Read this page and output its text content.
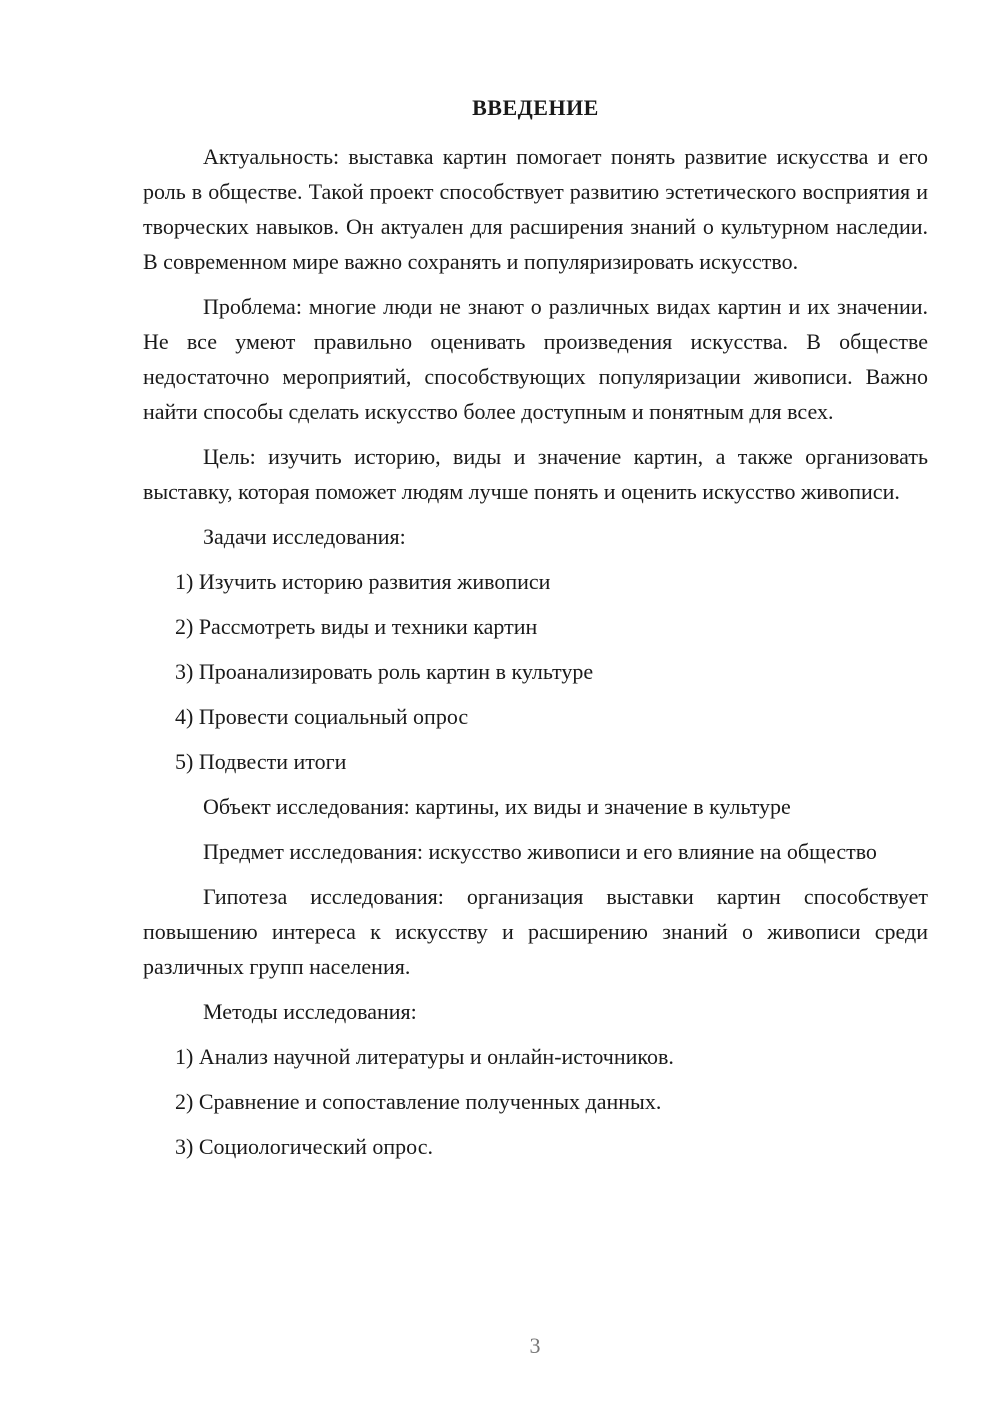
ВВЕДЕНИЕ

Актуальность: выставка картин помогает понять развитие искусства и его роль в обществе. Такой проект способствует развитию эстетического восприятия и творческих навыков. Он актуален для расширения знаний о культурном наследии. В современном мире важно сохранять и популяризировать искусство.

Проблема: многие люди не знают о различных видах картин и их значении. Не все умеют правильно оценивать произведения искусства. В обществе недостаточно мероприятий, способствующих популяризации живописи. Важно найти способы сделать искусство более доступным и понятным для всех.

Цель: изучить историю, виды и значение картин, а также организовать выставку, которая поможет людям лучше понять и оценить искусство живописи.

Задачи исследования:

1) Изучить историю развития живописи

2) Рассмотреть виды и техники картин

3) Проанализировать роль картин в культуре

4) Провести социальный опрос

5) Подвести итоги

Объект исследования: картины, их виды и значение в культуре

Предмет исследования: искусство живописи и его влияние на общество

Гипотеза исследования: организация выставки картин способствует повышению интереса к искусству и расширению знаний о живописи среди различных групп населения.

Методы исследования:

1) Анализ научной литературы и онлайн-источников.

2) Сравнение и сопоставление полученных данных.

3) Социологический опрос.

3
